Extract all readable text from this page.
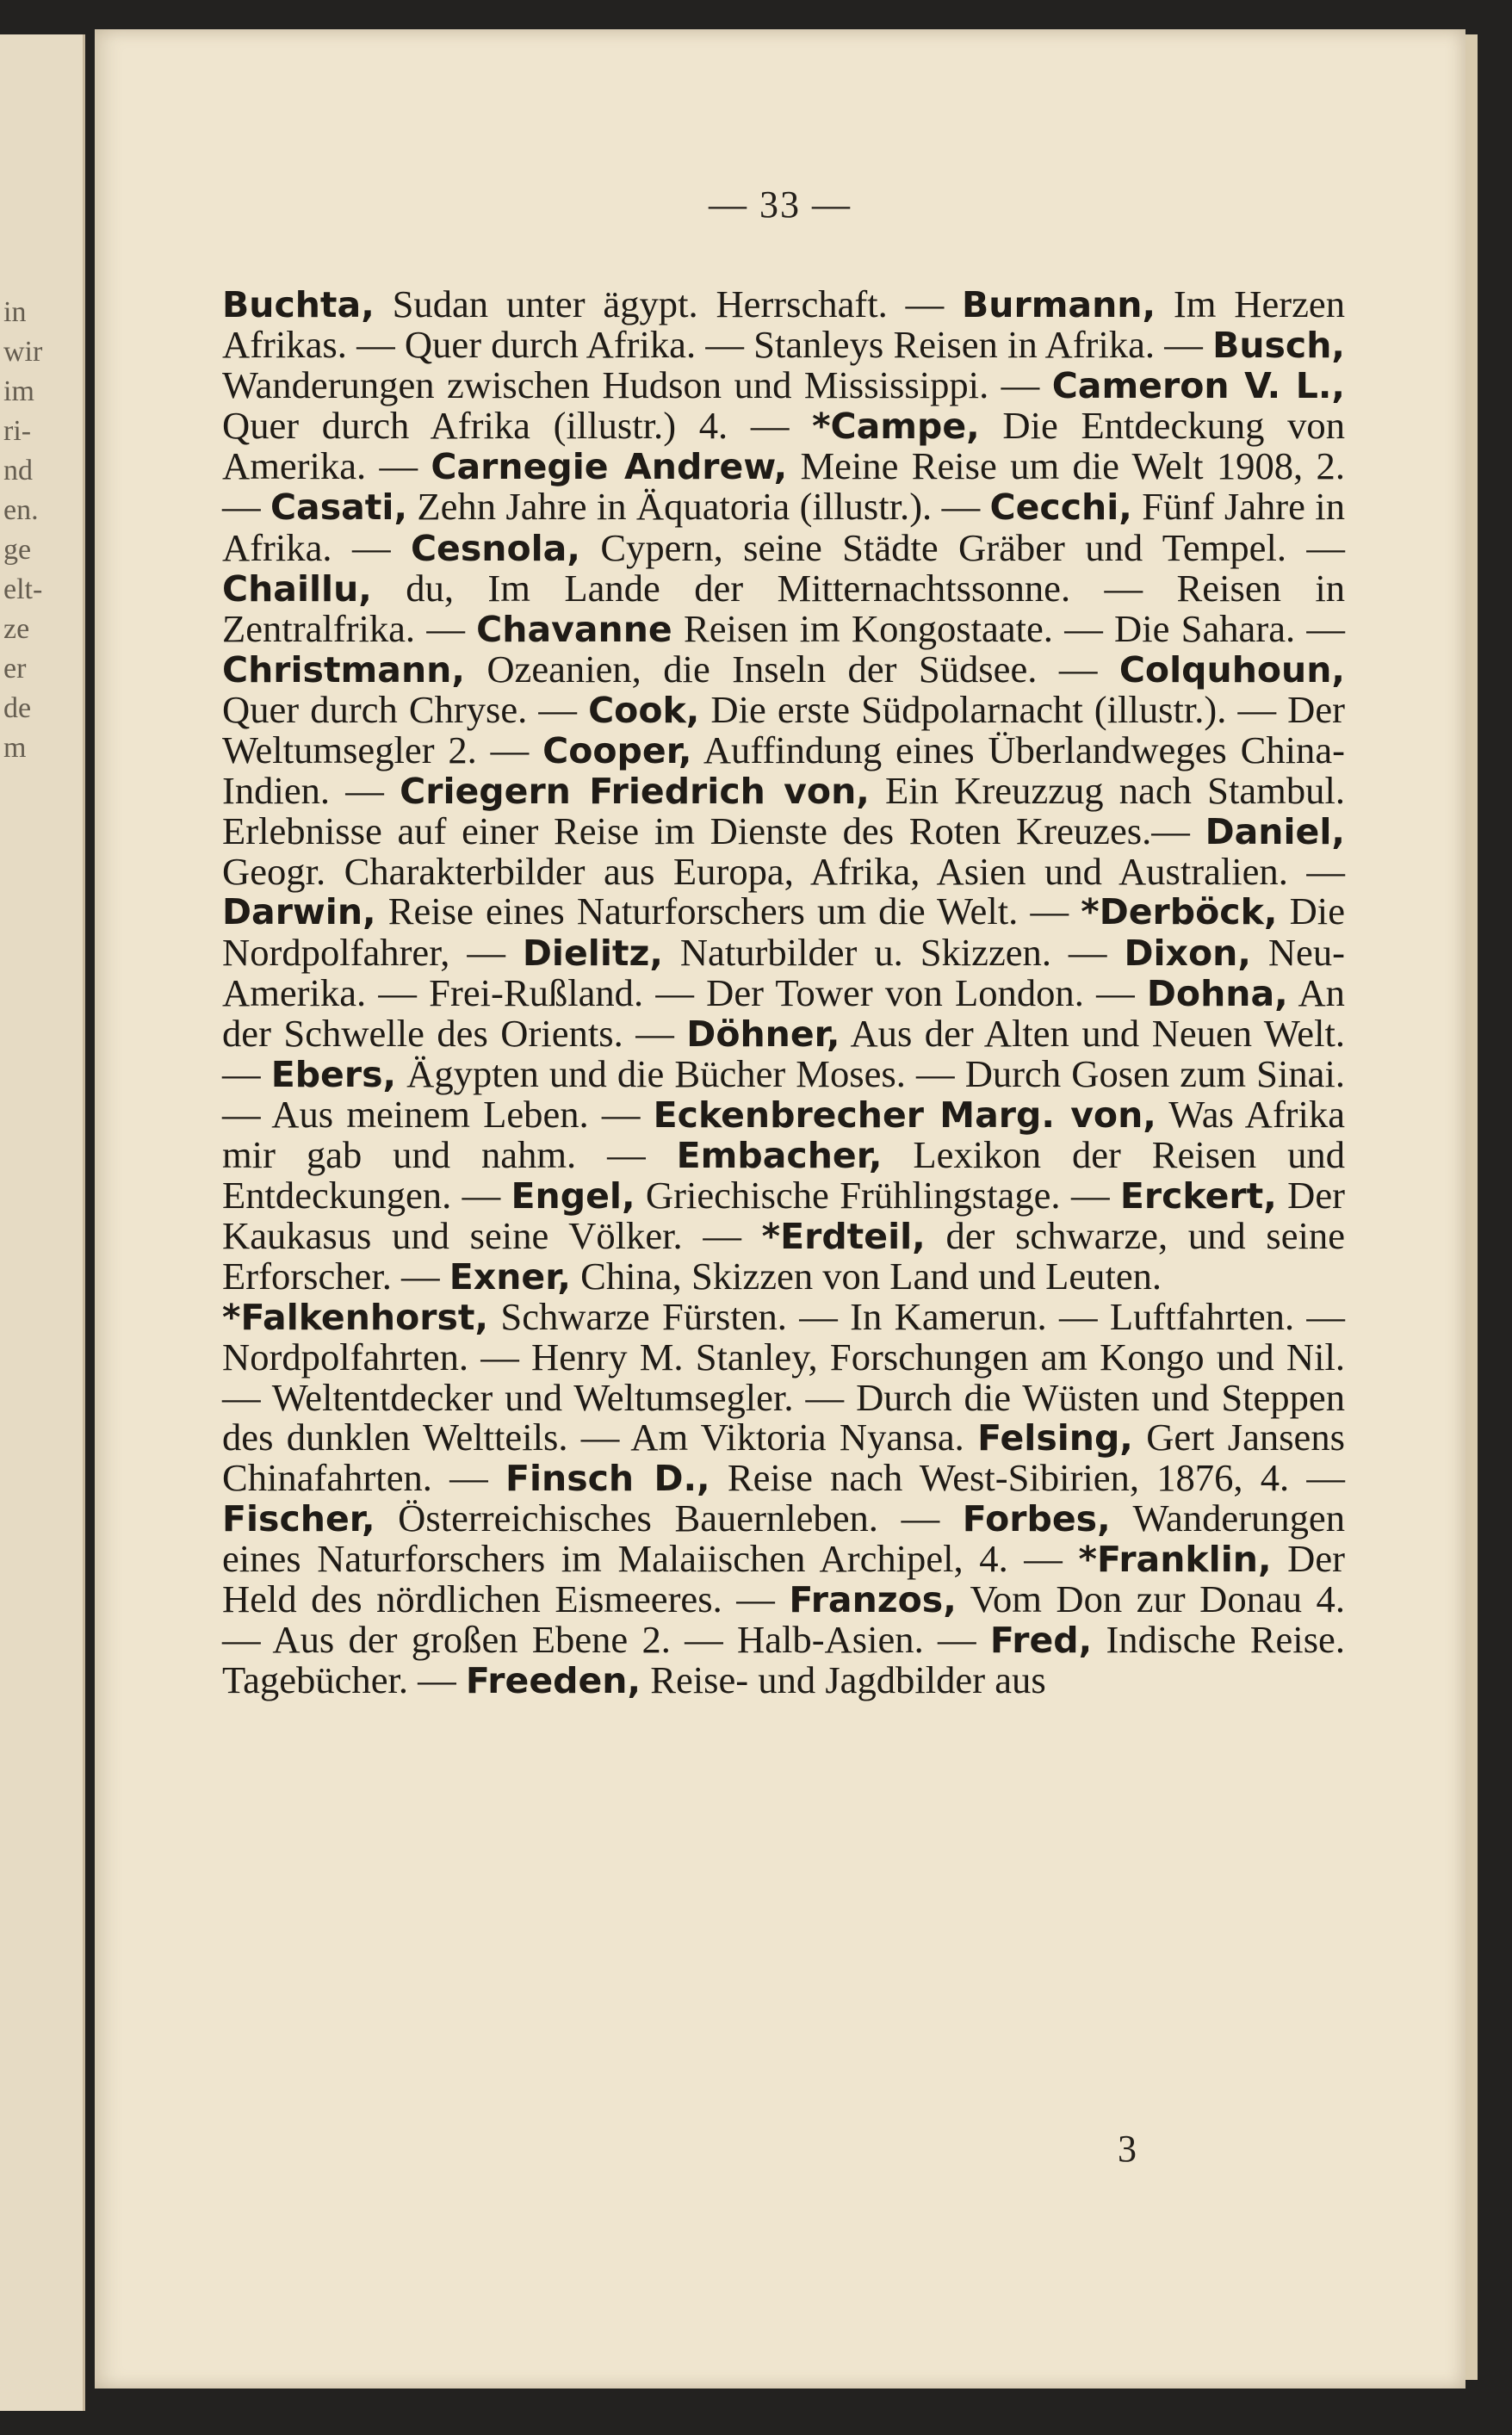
in
wir
im
ri-
nd
en.
ge
elt-
ze
er
de
m
— 33 —

Buchta, Sudan unter ägypt. Herrschaft. — Burmann, Im Herzen Afrikas. — Quer durch Afrika. — Stanleys Reisen in Afrika. — Busch, Wanderungen zwischen Hudson und Mississippi. — Cameron V. L., Quer durch Afrika (illustr.) 4. — *Campe, Die Entdeckung von Amerika. — Carnegie Andrew, Meine Reise um die Welt 1908, 2. — Casati, Zehn Jahre in Äquatoria (illustr.). — Cecchi, Fünf Jahre in Afrika. — Cesnola, Cypern, seine Städte Gräber und Tempel. — Chaillu, du, Im Lande der Mitternachtssonne. — Reisen in Zentralfrika. — Chavanne Reisen im Kongostaate. — Die Sahara. — Christmann, Ozeanien, die Inseln der Südsee. — Colquhoun, Quer durch Chryse. — Cook, Die erste Südpolarnacht (illustr.). — Der Weltumsegler 2. — Cooper, Auffindung eines Überlandweges China-Indien. — Criegern Friedrich von, Ein Kreuzzug nach Stambul. Erlebnisse auf einer Reise im Dienste des Roten Kreuzes.— Daniel, Geogr. Charakterbilder aus Europa, Afrika, Asien und Australien. — Darwin, Reise eines Naturforschers um die Welt. — *Derböck, Die Nordpolfahrer, — Dielitz, Naturbilder u. Skizzen. — Dixon, Neu-Amerika. — Frei-Rußland. — Der Tower von London. — Dohna, An der Schwelle des Orients. — Döhner, Aus der Alten und Neuen Welt. — Ebers, Ägypten und die Bücher Moses. — Durch Gosen zum Sinai. — Aus meinem Leben. — Eckenbrecher Marg. von, Was Afrika mir gab und nahm. — Embacher, Lexikon der Reisen und Entdeckungen. — Engel, Griechische Frühlingstage. — Erckert, Der Kaukasus und seine Völker. — *Erdteil, der schwarze, und seine Erforscher. — Exner, China, Skizzen von Land und Leuten.

*Falkenhorst, Schwarze Fürsten. — In Kamerun. — Luftfahrten. — Nordpolfahrten. — Henry M. Stanley, Forschungen am Kongo und Nil. — Weltentdecker und Weltumsegler. — Durch die Wüsten und Steppen des dunklen Weltteils. — Am Viktoria Nyansa. Felsing, Gert Jansens Chinafahrten. — Finsch D., Reise nach West-Sibirien, 1876, 4. — Fischer, Österreichisches Bauernleben. — Forbes, Wanderungen eines Naturforschers im Malaiischen Archipel, 4. — *Franklin, Der Held des nördlichen Eismeeres. — Franzos, Vom Don zur Donau 4. — Aus der großen Ebene 2. — Halb-Asien. — Fred, Indische Reise. Tagebücher. — Freeden, Reise- und Jagdbilder aus

3
